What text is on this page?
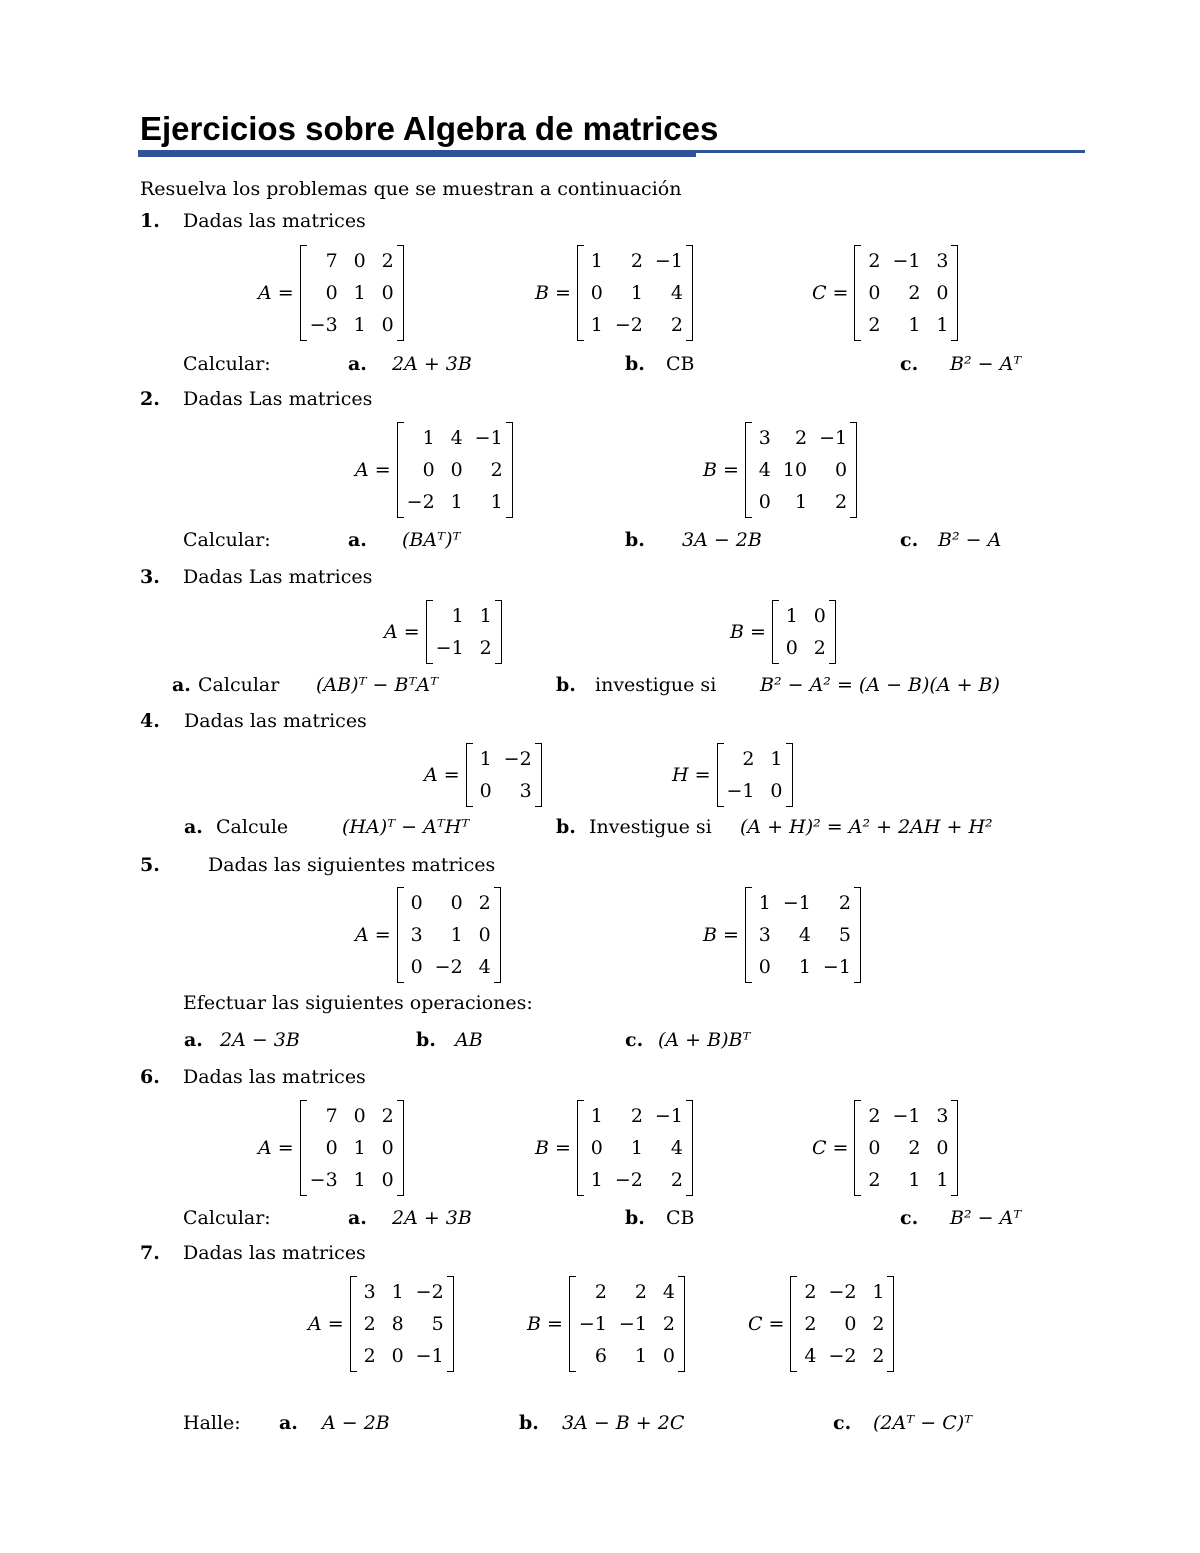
Ejercicios sobre Algebra de matrices
Resuelva los problemas que se muestran a continuación
1. Dadas las matrices
A =
7 0 2
0 1 0
−3 1 0
B =
1	2 −1
0	1	4
1 −2	2
C =
2 −1 3
0	2 0
2	1 1
Calcular:	a. 2A + 3B	b. CB	c. B² − Aᵀ
2. Dadas Las matrices
A =
1 4 −1
0 0	2
−2 1	1
B =
3	2 −1
4 10	0
0	1	2
Calcular:	a. (BAᵀ)ᵀ	b. 3A − 2B	c. B² − A
3. Dadas Las matrices
A =
1 1
−1 2
B =
1 0
0 2
a. Calcular (AB)ᵀ − BᵀAᵀ	b. investigue si B² − A² = (A − B)(A + B)
4. Dadas las matrices
A =
1 −2
0	3
H =
2 1
−1 0
a. Calcule	(HA)ᵀ − AᵀHᵀ	b. Investigue si (A + H)² = A² + 2AH + H²
5.	Dadas las siguientes matrices
A =
0	0 2
3	1 0
0 −2 4
B =
1 −1	2
3	4	5
0	1 −1
Efectuar las siguientes operaciones:
a. 2A − 3B	b. AB	c. (A + B)Bᵀ
6. Dadas las matrices
A =
7 0 2
0 1 0
−3 1 0
B =
1	2 −1
0	1	4
1 −2	2
C =
2 −1 3
0	2 0
2	1 1
Calcular:	a. 2A + 3B	b. CB	c. B² − Aᵀ
7. Dadas las matrices
A =
3 1 −2
2 8	5
2 0 −1
B =
2	2 4
−1 −1 2
6	1 0
C =
2 −2 1
2	0 2
4 −2 2
Halle: a. A − 2B	b. 3A − B + 2C	c. (2Aᵀ − C)ᵀ
